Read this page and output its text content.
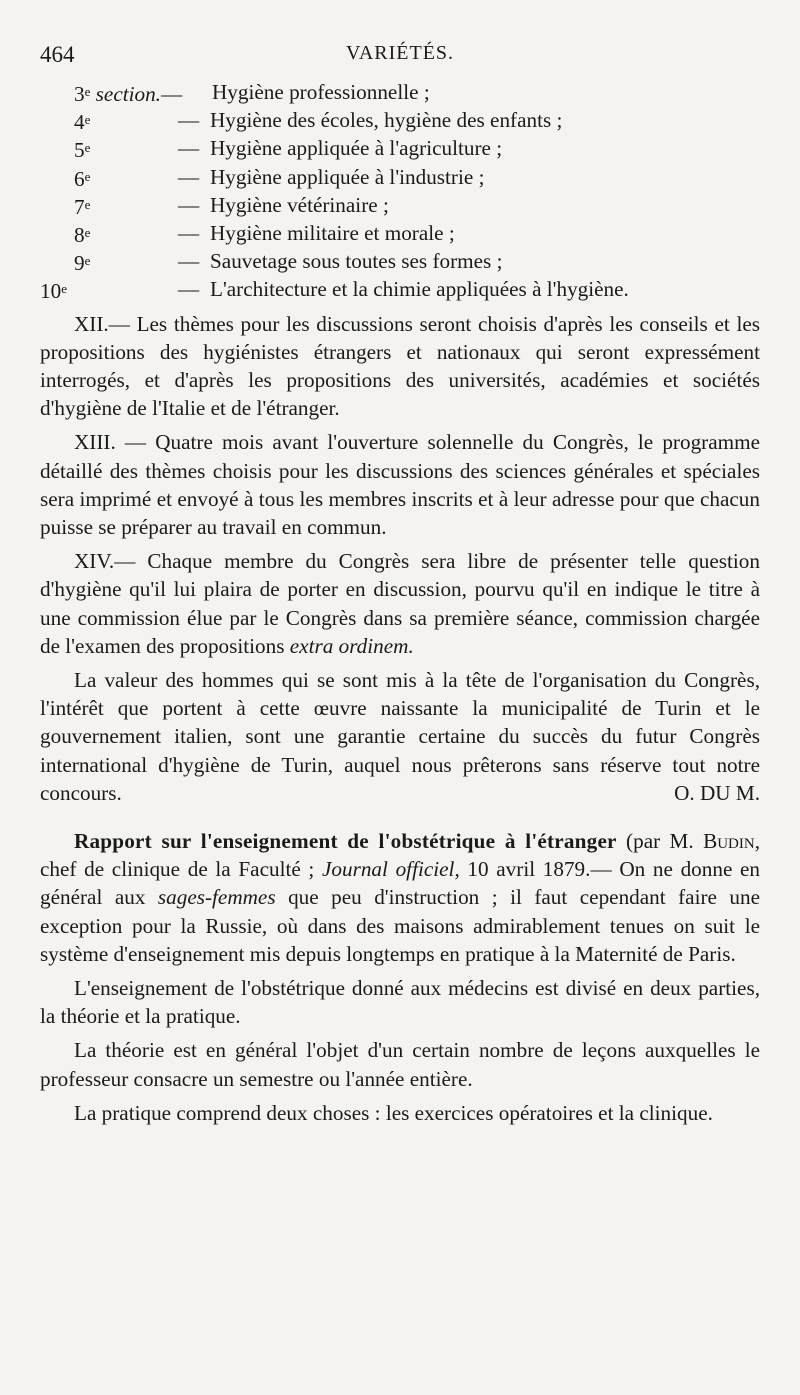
464	VARIÉTÉS.
3e section.— Hygiène professionnelle ;
4e	— Hygiène des écoles, hygiène des enfants ;
5e	— Hygiène appliquée à l'agriculture ;
6e	— Hygiène appliquée à l'industrie ;
7e	— Hygiène vétérinaire ;
8e	— Hygiène militaire et morale ;
9e	— Sauvetage sous toutes ses formes ;
10e	— L'architecture et la chimie appliquées à l'hygiène.

XII.— Les thèmes pour les discussions seront choisis d'après les conseils et les propositions des hygiénistes étrangers et nationaux qui seront expressément interrogés, et d'après les propositions des universités, académies et sociétés d'hygiène de l'Italie et de l'étranger.

XIII. — Quatre mois avant l'ouverture solennelle du Congrès, le programme détaillé des thèmes choisis pour les discussions des sciences générales et spéciales sera imprimé et envoyé à tous les membres inscrits et à leur adresse pour que chacun puisse se préparer au travail en commun.

XIV.— Chaque membre du Congrès sera libre de présenter telle question d'hygiène qu'il lui plaira de porter en discussion, pourvu qu'il en indique le titre à une commission élue par le Congrès dans sa première séance, commission chargée de l'examen des propositions extra ordinem.

La valeur des hommes qui se sont mis à la tête de l'organisation du Congrès, l'intérêt que portent à cette œuvre naissante la municipalité de Turin et le gouvernement italien, sont une garantie certaine du succès du futur Congrès international d'hygiène de Turin, auquel nous prêterons sans réserve tout notre concours.	O. DU M.

Rapport sur l'enseignement de l'obstétrique à l'étranger (par M. Budin, chef de clinique de la Faculté ; Journal officiel, 10 avril 1879.— On ne donne en général aux sages-femmes que peu d'instruction ; il faut cependant faire une exception pour la Russie, où dans des maisons admirablement tenues on suit le système d'enseignement mis depuis longtemps en pratique à la Maternité de Paris.

L'enseignement de l'obstétrique donné aux médecins est divisé en deux parties, la théorie et la pratique.

La théorie est en général l'objet d'un certain nombre de leçons auxquelles le professeur consacre un semestre ou l'année entière.

La pratique comprend deux choses : les exercices opératoires et la clinique.
